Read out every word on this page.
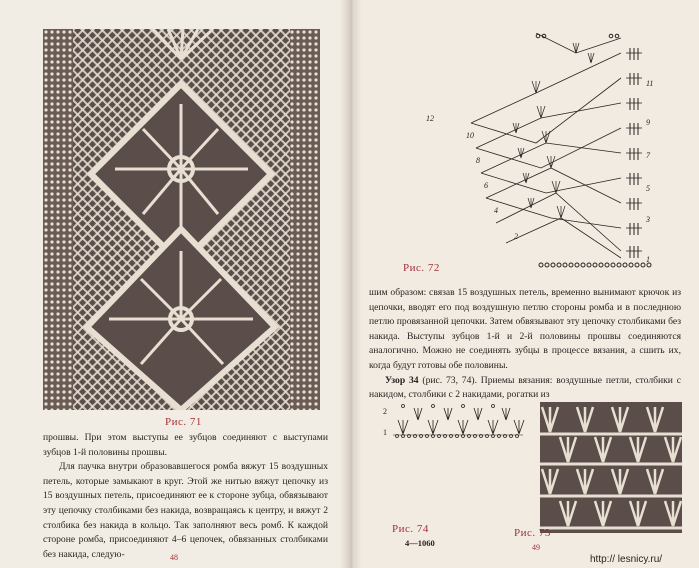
Рис. 71

прошвы. При этом выступы ее зубцов соединяют с выступами зубцов 1-й половины прошвы.

Для паучка внутри образовавшегося ромба вяжут 15 воздушных петель, которые замыкают в круг. Этой же нитью вяжут цепочку из 15 воздушных петель, присоединяют ее к стороне зубца, обвязывают эту цепочку столбиками без накида, возвращаясь к центру, и вяжут 2 столбика без накида в кольцо. Так заполняют весь ромб. К каждой стороне ромба, присоединяют 4–6 цепочек, обвязанных столбиками без накида, следую-	48
1
3
5
7
9
11
2
4
6
8
10
12
Рис. 72

шим образом: связав 15 воздушных петель, временно вынимают крючок из цепочки, вводят его под воздушную петлю стороны ромба и в последнюю петлю провязанной цепочки. Затем обвязывают эту цепочку столбиками без накида. Выступы зубцов 1-й и 2-й половины прошвы соединяются аналогично. Можно не соединять зубцы в процессе вязания, а сшить их, когда будут готовы обе половины.

Узор 34 (рис. 73, 74). Приемы вязания: воздушные петли, столбики с накидом, столбики с 2 накидами, рогатки из

2
1
Рис. 74	Рис. 73
4—1060	49
http:// lesnicy.ru/
